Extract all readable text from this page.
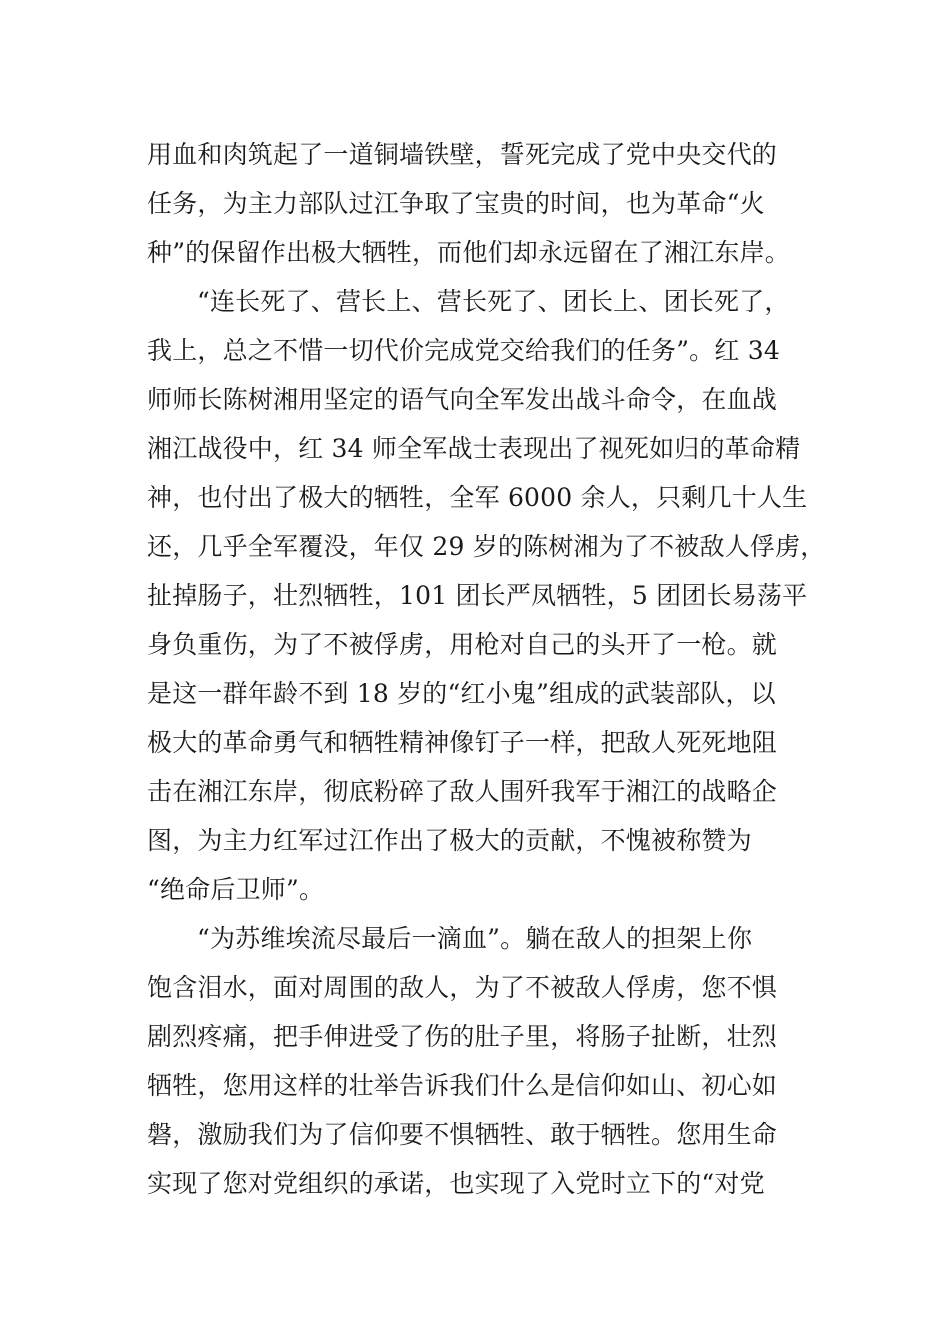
用血和肉筑起了一道铜墙铁壁，誓死完成了党中央交代的
任务，为主力部队过江争取了宝贵的时间，也为革命“火
种”的保留作出极大牺牲，而他们却永远留在了湘江东岸。
“连长死了、营长上、营长死了、团长上、团长死了，
我上，总之不惜一切代价完成党交给我们的任务”。红 34
师师长陈树湘用坚定的语气向全军发出战斗命令，在血战
湘江战役中，红 34 师全军战士表现出了视死如归的革命精
神，也付出了极大的牺牲，全军 6000 余人，只剩几十人生
还，几乎全军覆没，年仅 29 岁的陈树湘为了不被敌人俘虏，
扯掉肠子，壮烈牺牲，101 团长严凤牺牲，5 团团长易荡平
身负重伤，为了不被俘虏，用枪对自己的头开了一枪。就
是这一群年龄不到 18 岁的“红小鬼”组成的武装部队，以
极大的革命勇气和牺牲精神像钉子一样，把敌人死死地阻
击在湘江东岸，彻底粉碎了敌人围歼我军于湘江的战略企
图，为主力红军过江作出了极大的贡献，不愧被称赞为
“绝命后卫师”。
“为苏维埃流尽最后一滴血”。躺在敌人的担架上你
饱含泪水，面对周围的敌人，为了不被敌人俘虏，您不惧
剧烈疼痛，把手伸进受了伤的肚子里，将肠子扯断，壮烈
牺牲，您用这样的壮举告诉我们什么是信仰如山、初心如
磐，激励我们为了信仰要不惧牺牲、敢于牺牲。您用生命
实现了您对党组织的承诺，也实现了入党时立下的“对党
